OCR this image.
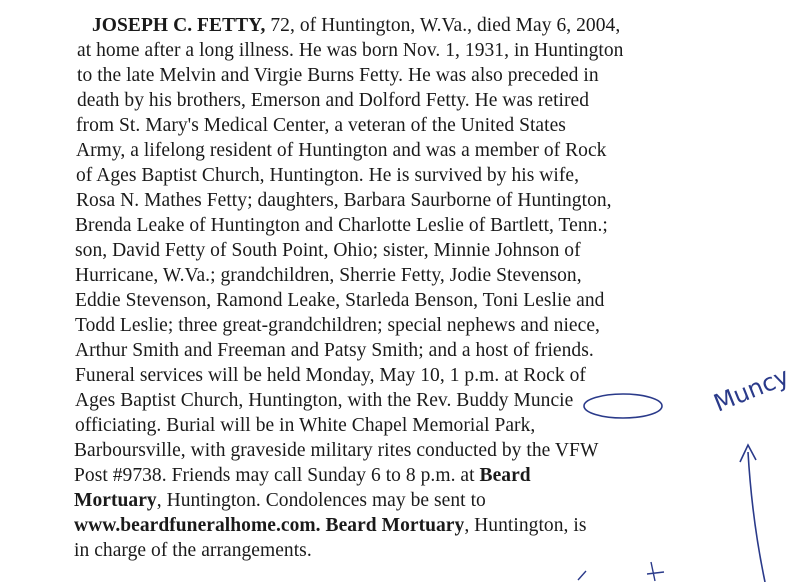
JOSEPH C. FETTY, 72, of Huntington, W.Va., died May 6, 2004,
at home after a long illness. He was born Nov. 1, 1931, in Huntington
to the late Melvin and Virgie Burns Fetty. He was also preceded in
death by his brothers, Emerson and Dolford Fetty. He was retired
from St. Mary's Medical Center, a veteran of the United States
Army, a lifelong resident of Huntington and was a member of Rock
of Ages Baptist Church, Huntington. He is survived by his wife,
Rosa N. Mathes Fetty; daughters, Barbara Saurborne of Huntington,
Brenda Leake of Huntington and Charlotte Leslie of Bartlett, Tenn.;
son, David Fetty of South Point, Ohio; sister, Minnie Johnson of
Hurricane, W.Va.; grandchildren, Sherrie Fetty, Jodie Stevenson,
Eddie Stevenson, Ramond Leake, Starleda Benson, Toni Leslie and
Todd Leslie; three great-grandchildren; special nephews and niece,
Arthur Smith and Freeman and Patsy Smith; and a host of friends.
Funeral services will be held Monday, May 10, 1 p.m. at Rock of
Ages Baptist Church, Huntington, with the Rev. Buddy Muncie
officiating. Burial will be in White Chapel Memorial Park,
Barboursville, with graveside military rites conducted by the VFW
Post #9738. Friends may call Sunday 6 to 8 p.m. at Beard
Mortuary, Huntington. Condolences may be sent to
www.beardfuneralhome.com. Beard Mortuary, Huntington, is
in charge of the arrangements.
Muncy
